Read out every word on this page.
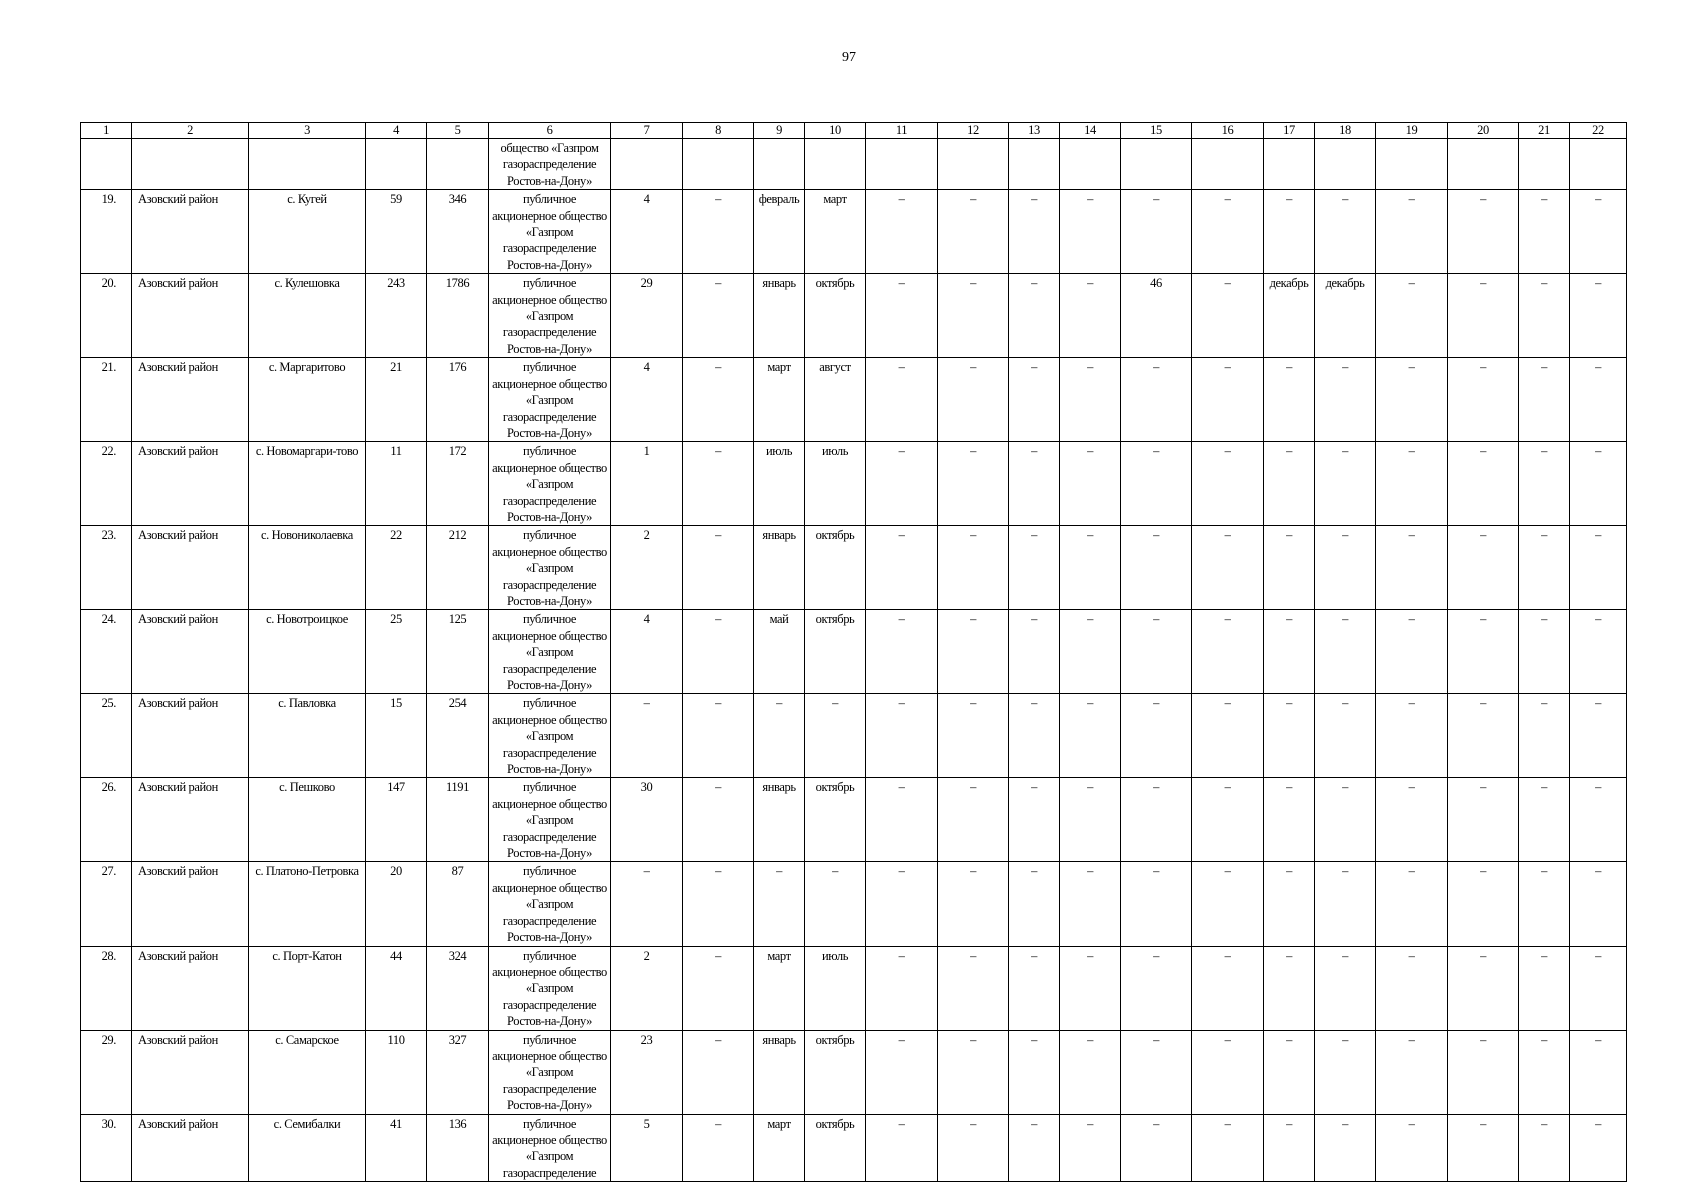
97
1	2	3	4	5	6	7	8	9	10	11	12	13	14	15	16	17	18	19	20	21	22
					общество «Газпром газораспределение Ростов-на-Дону»																
19.	Азовский район	с. Кугей	59	346	публичное акционерное общество «Газпром газораспределение Ростов-на-Дону»	4	–	февраль	март	–	–	–	–	–	–	–	–	–	–	–	–
20.	Азовский район	с. Кулешовка	243	1786	публичное акционерное общество «Газпром газораспределение Ростов-на-Дону»	29	–	январь	октябрь	–	–	–	–	46	–	декабрь	декабрь	–	–	–	–
21.	Азовский район	с. Маргаритово	21	176	публичное акционерное общество «Газпром газораспределение Ростов-на-Дону»	4	–	март	август	–	–	–	–	–	–	–	–	–	–	–	–
22.	Азовский район	с. Новомаргари-тово	11	172	публичное акционерное общество «Газпром газораспределение Ростов-на-Дону»	1	–	июль	июль	–	–	–	–	–	–	–	–	–	–	–	–
23.	Азовский район	с. Новониколаевка	22	212	публичное акционерное общество «Газпром газораспределение Ростов-на-Дону»	2	–	январь	октябрь	–	–	–	–	–	–	–	–	–	–	–	–
24.	Азовский район	с. Новотроицкое	25	125	публичное акционерное общество «Газпром газораспределение Ростов-на-Дону»	4	–	май	октябрь	–	–	–	–	–	–	–	–	–	–	–	–
25.	Азовский район	с. Павловка	15	254	публичное акционерное общество «Газпром газораспределение Ростов-на-Дону»	–	–	–	–	–	–	–	–	–	–	–	–	–	–	–	–
26.	Азовский район	с. Пешково	147	1191	публичное акционерное общество «Газпром газораспределение Ростов-на-Дону»	30	–	январь	октябрь	–	–	–	–	–	–	–	–	–	–	–	–
27.	Азовский район	с. Платоно-Петровка	20	87	публичное акционерное общество «Газпром газораспределение Ростов-на-Дону»	–	–	–	–	–	–	–	–	–	–	–	–	–	–	–	–
28.	Азовский район	с. Порт-Катон	44	324	публичное акционерное общество «Газпром газораспределение Ростов-на-Дону»	2	–	март	июль	–	–	–	–	–	–	–	–	–	–	–	–
29.	Азовский район	с. Самарское	110	327	публичное акционерное общество «Газпром газораспределение Ростов-на-Дону»	23	–	январь	октябрь	–	–	–	–	–	–	–	–	–	–	–	–
30.	Азовский район	с. Семибалки	41	136	публичное акционерное общество «Газпром газораспределение	5	–	март	октябрь	–	–	–	–	–	–	–	–	–	–	–	–
